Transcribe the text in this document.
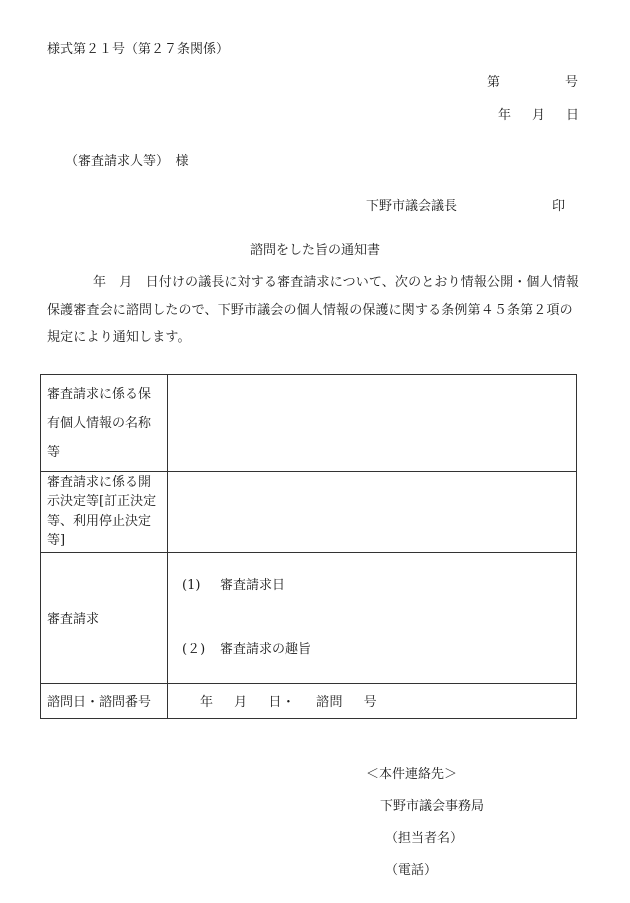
様式第２１号（第２７条関係）
第	号
年 月 日
（審査請求人等）　様
下野市議会議長	印
諮問をした旨の通知書
年　月　日付けの議長に対する審査請求について、次のとおり情報公開・個人情報保護審査会に諮問したので、下野市議会の個人情報の保護に関する条例第４５条第２項の規定により通知します。
審査請求に係る保有個人情報の名称等	
審査請求に係る開示決定等[訂正決定等、利用停止決定等]	
審査請求	(1) 審査請求日
(２) 審査請求の趣旨

諮問日・諮問番号	年 月 日・ 諮問 号
＜本件連絡先＞
下野市議会事務局
（担当者名）
（電話）
